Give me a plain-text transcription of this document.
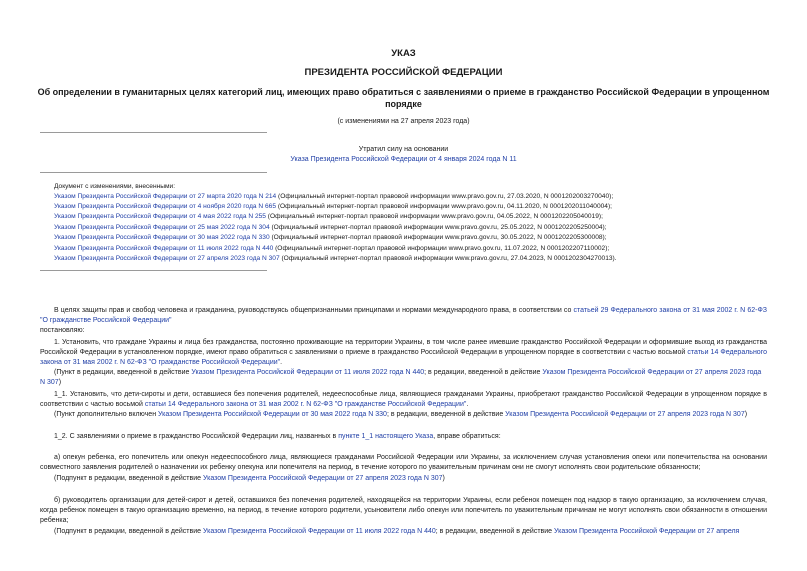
УКАЗ
ПРЕЗИДЕНТА РОССИЙСКОЙ ФЕДЕРАЦИИ
Об определении в гуманитарных целях категорий лиц, имеющих право обратиться с заявлениями о приеме в гражданство Российской Федерации в упрощенном
порядке
(с изменениями на 27 апреля 2023 года)
Утратил силу на основании
Указа Президента Российской Федерации от 4 января 2024 года N 11
Документ с изменениями, внесенными:
Указом Президента Российской Федерации от 27 марта 2020 года N 214 (Официальный интернет-портал правовой информации www.pravo.gov.ru, 27.03.2020, N 0001202003270040);
Указом Президента Российской Федерации от 4 ноября 2020 года N 665 (Официальный интернет-портал правовой информации www.pravo.gov.ru, 04.11.2020, N 0001202011040004);
Указом Президента Российской Федерации от 4 мая 2022 года N 255 (Официальный интернет-портал правовой информации www.pravo.gov.ru, 04.05.2022, N 0001202205040019);
Указом Президента Российской Федерации от 25 мая 2022 года N 304 (Официальный интернет-портал правовой информации www.pravo.gov.ru, 25.05.2022, N 0001202205250004);
Указом Президента Российской Федерации от 30 мая 2022 года N 330 (Официальный интернет-портал правовой информации www.pravo.gov.ru, 30.05.2022, N 0001202205300008);
Указом Президента Российской Федерации от 11 июля 2022 года N 440 (Официальный интернет-портал правовой информации www.pravo.gov.ru, 11.07.2022, N 0001202207110002);
Указом Президента Российской Федерации от 27 апреля 2023 года N 307 (Официальный интернет-портал правовой информации www.pravo.gov.ru, 27.04.2023, N 0001202304270013).
В целях защиты прав и свобод человека и гражданина, руководствуясь общепризнанными принципами и нормами международного права, в соответствии со статьей 29 Федерального закона от 31 мая 2002 г. N 62-ФЗ "О гражданстве Российской Федерации"
постановляю:
1. Установить, что граждане Украины и лица без гражданства, постоянно проживающие на территории Украины, в том числе ранее имевшие гражданство Российской Федерации и оформившие выход из гражданства Российской Федерации в установленном порядке, имеют право обратиться с заявлениями о приеме в гражданство Российской Федерации в упрощенном порядке в соответствии с частью восьмой статьи 14 Федерального закона от 31 мая 2002 г. N 62-ФЗ "О гражданстве Российской Федерации".
(Пункт в редакции, введенной в действие Указом Президента Российской Федерации от 11 июля 2022 года N 440; в редакции, введенной в действие Указом Президента Российской Федерации от 27 апреля 2023 года N 307)
1_1. Установить, что дети-сироты и дети, оставшиеся без попечения родителей, недееспособные лица, являющиеся гражданами Украины, приобретают гражданство Российской Федерации в упрощенном порядке в соответствии с частью восьмой статьи 14 Федерального закона от 31 мая 2002 г. N 62-ФЗ "О гражданстве Российской Федерации".
(Пункт дополнительно включен Указом Президента Российской Федерации от 30 мая 2022 года N 330; в редакции, введенной в действие Указом Президента Российской Федерации от 27 апреля 2023 года N 307)
1_2. С заявлениями о приеме в гражданство Российской Федерации лиц, названных в пункте 1_1 настоящего Указа, вправе обратиться:
а) опекун ребенка, его попечитель или опекун недееспособного лица, являющиеся гражданами Российской Федерации или Украины, за исключением случая установления опеки или попечительства на основании совместного заявления родителей о назначении их ребенку опекуна или попечителя на период, в течение которого по уважительным причинам они не смогут исполнять свои родительские обязанности;
(Подпункт в редакции, введенной в действие Указом Президента Российской Федерации от 27 апреля 2023 года N 307)
б) руководитель организации для детей-сирот и детей, оставшихся без попечения родителей, находящейся на территории Украины, если ребенок помещен под надзор в такую организацию, за исключением случая, когда ребенок помещен в такую организацию временно, на период, в течение которого родители, усыновители либо опекун или попечитель по уважительным причинам не могут исполнять свои обязанности в отношении ребенка;
(Подпункт в редакции, введенной в действие Указом Президента Российской Федерации от 11 июля 2022 года N 440; в редакции, введенной в действие Указом Президента Российской Федерации от 27 апреля
